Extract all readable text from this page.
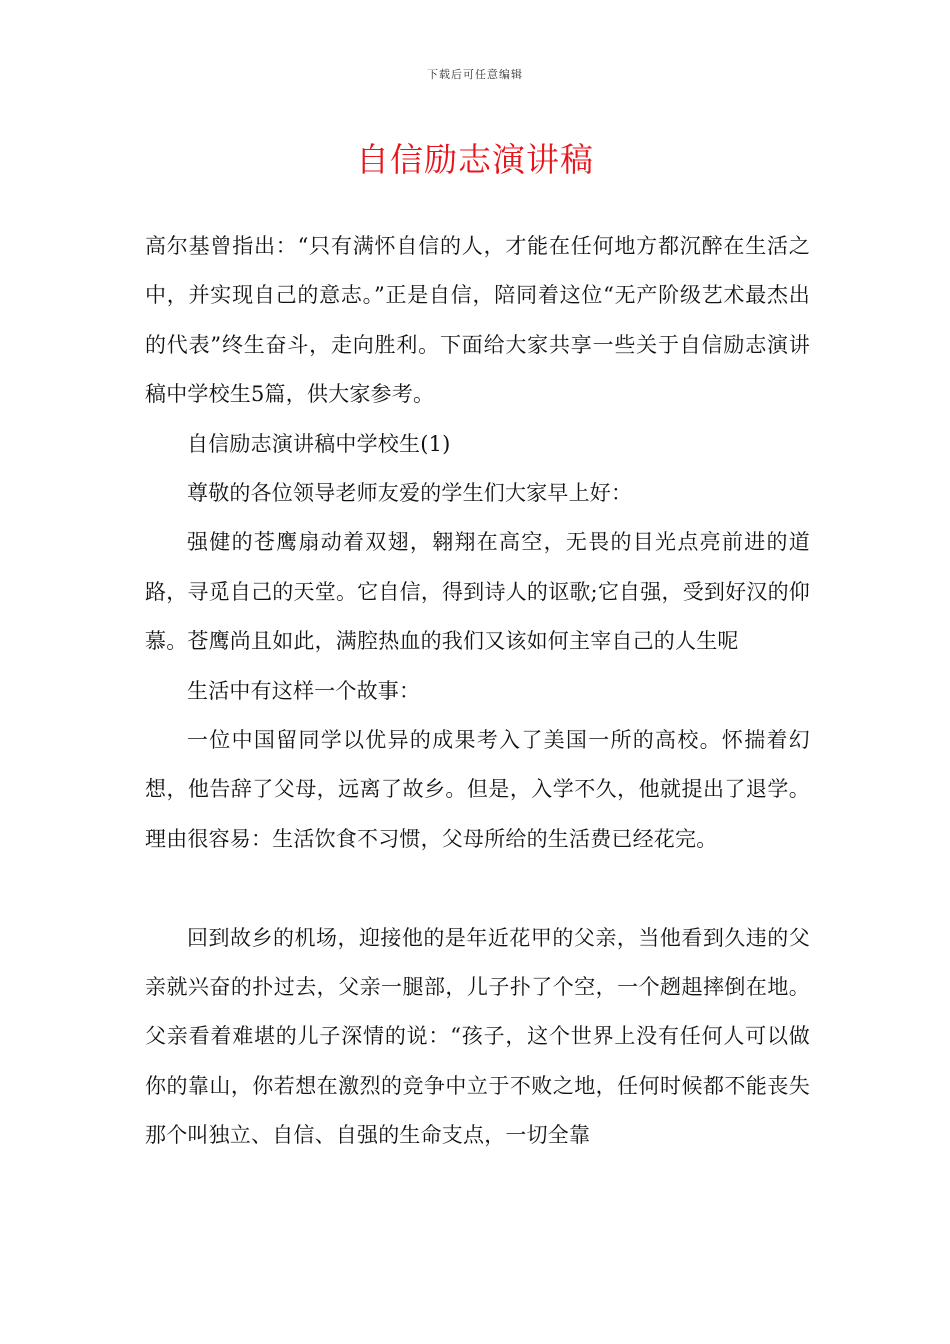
下载后可任意编辑
自信励志演讲稿

高尔基曾指出：“只有满怀自信的人，才能在任何地方都沉醉在生活之中，并实现自己的意志。”正是自信，陪同着这位“无产阶级艺术最杰出的代表”终生奋斗，走向胜利。下面给大家共享一些关于自信励志演讲稿中学校生5篇，供大家参考。

自信励志演讲稿中学校生(1)

尊敬的各位领导老师友爱的学生们大家早上好：

强健的苍鹰扇动着双翅，翱翔在高空，无畏的目光点亮前进的道路，寻觅自己的天堂。它自信，得到诗人的讴歌;它自强，受到好汉的仰慕。苍鹰尚且如此，满腔热血的我们又该如何主宰自己的人生呢

生活中有这样一个故事：

一位中国留同学以优异的成果考入了美国一所的高校。怀揣着幻想，他告辞了父母，远离了故乡。但是，入学不久，他就提出了退学。理由很容易：生活饮食不习惯，父母所给的生活费已经花完。

回到故乡的机场，迎接他的是年近花甲的父亲，当他看到久违的父亲就兴奋的扑过去，父亲一腿部，儿子扑了个空，一个趔趄摔倒在地。父亲看着难堪的儿子深情的说：“孩子，这个世界上没有任何人可以做你的靠山，你若想在激烈的竞争中立于不败之地，任何时候都不能丧失那个叫独立、自信、自强的生命支点，一切全靠
